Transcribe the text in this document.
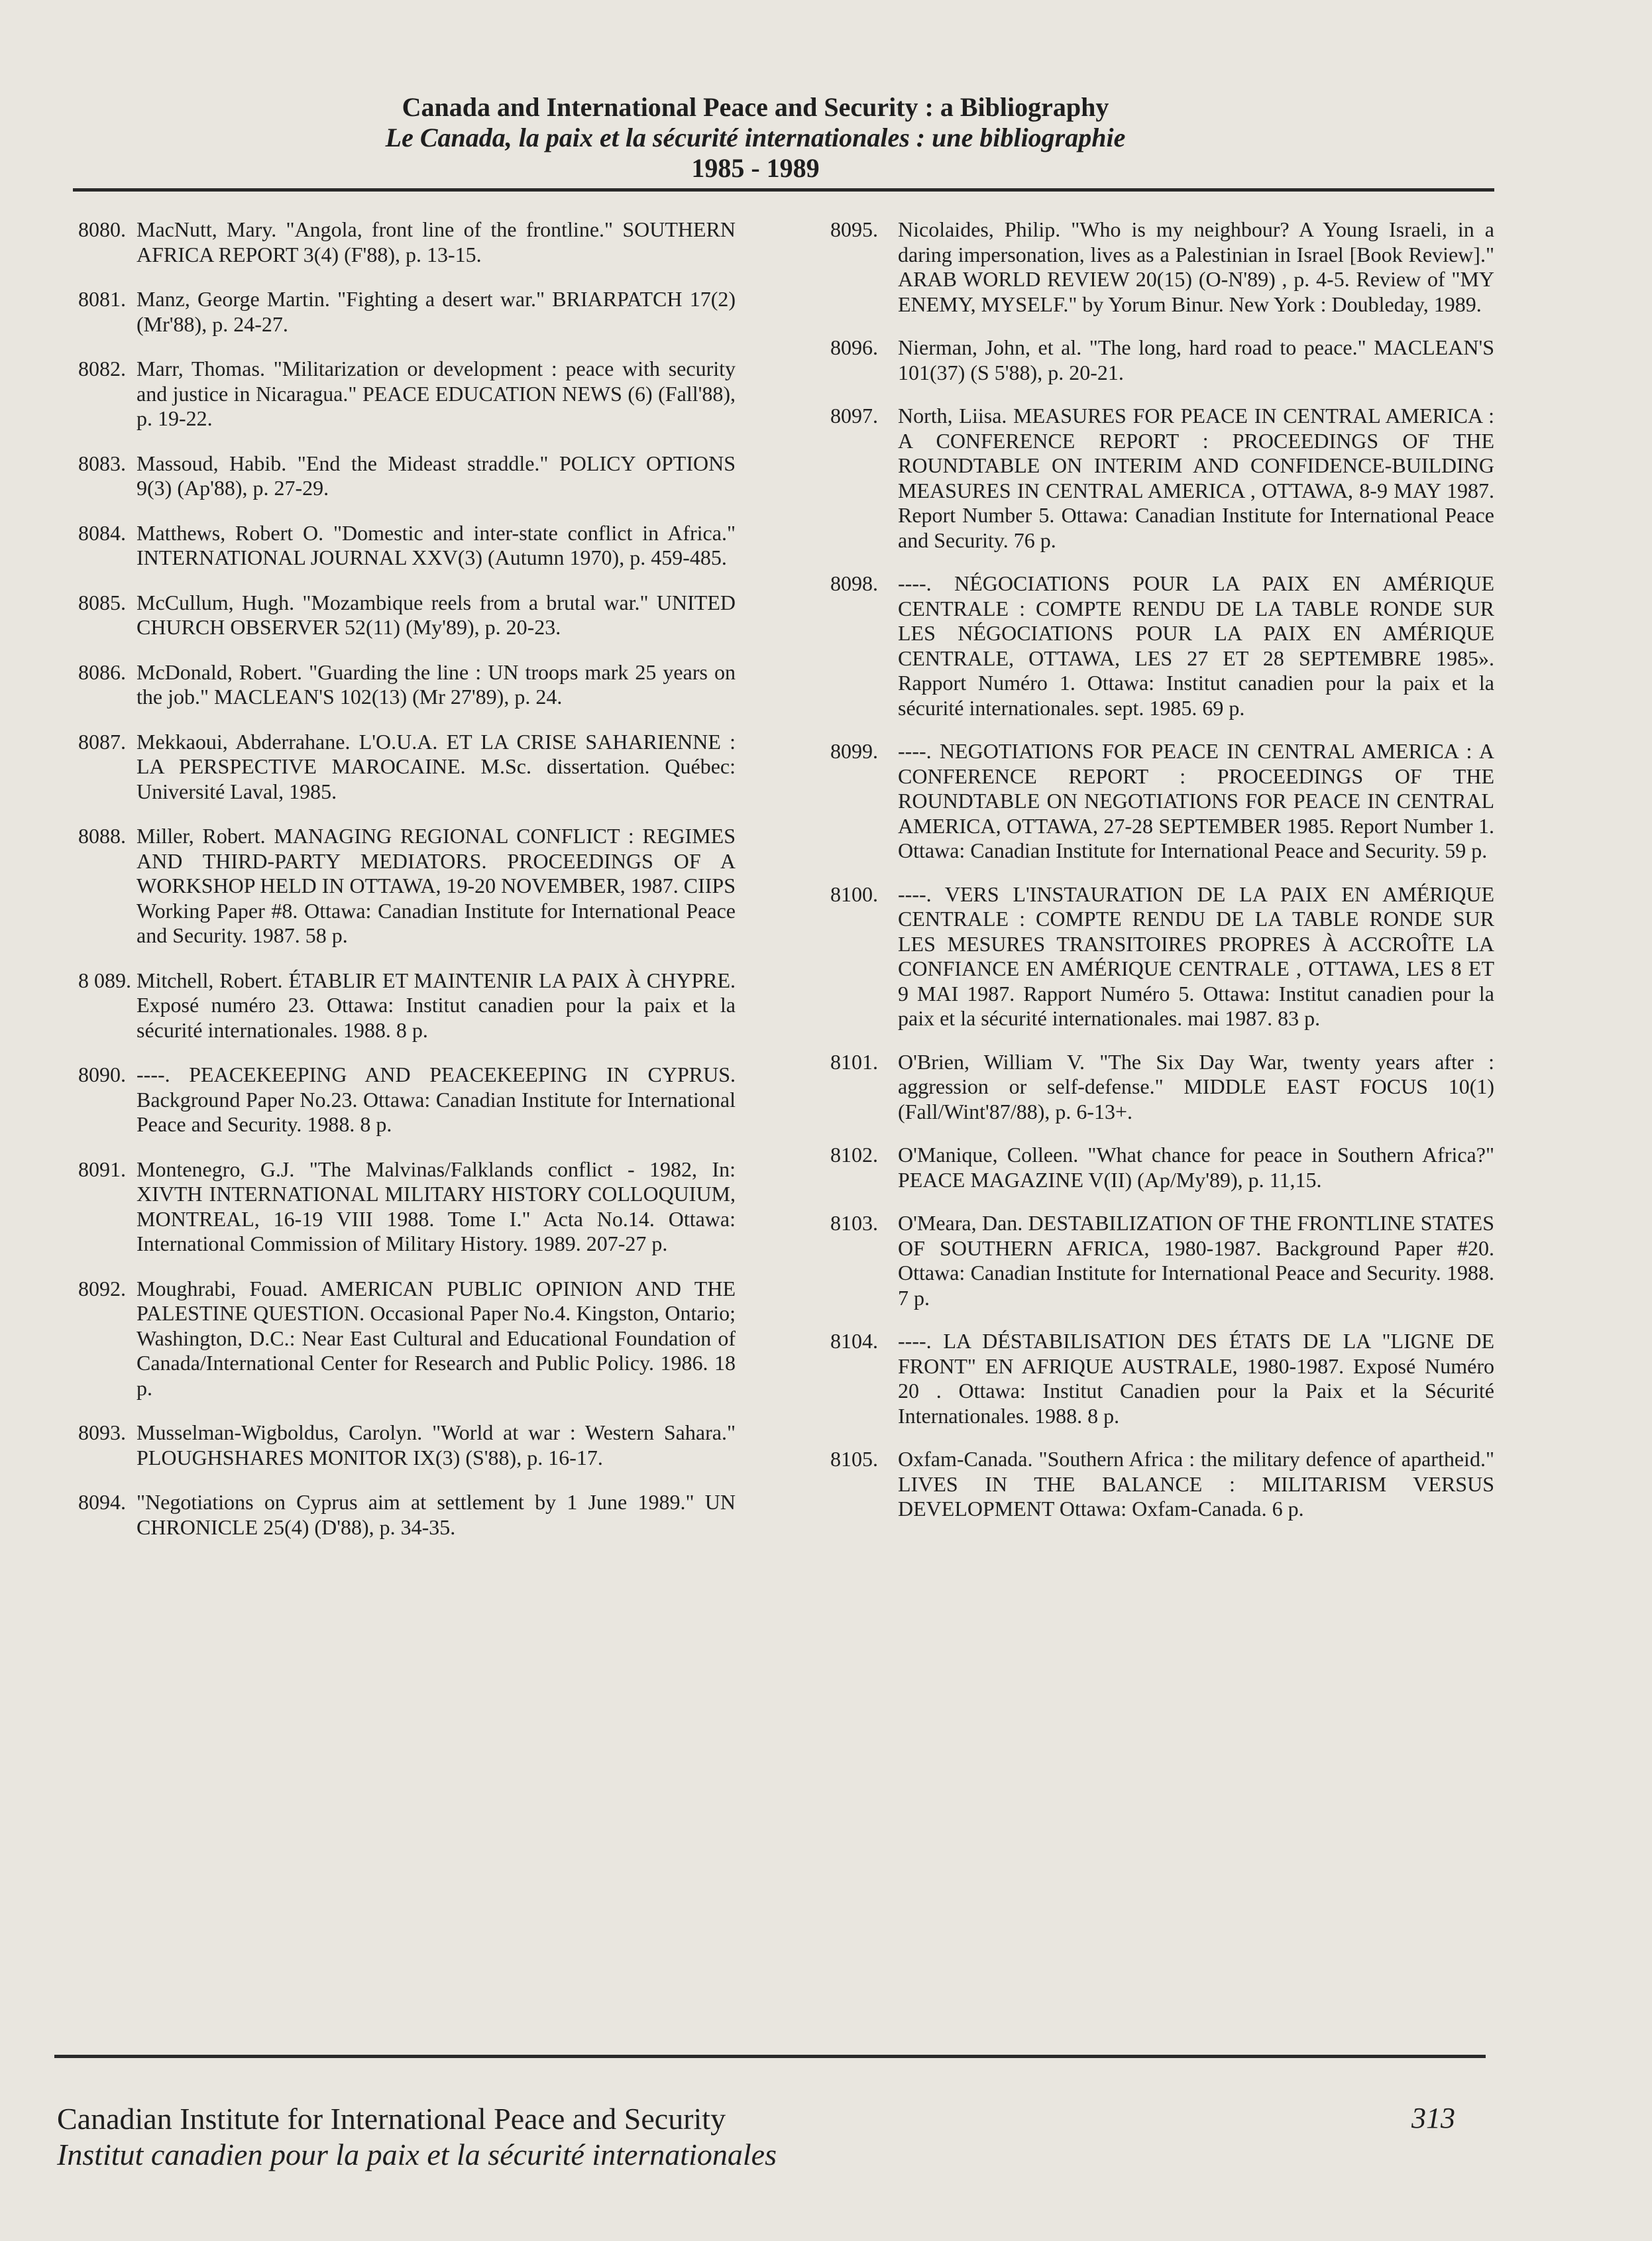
Canada and International Peace and Security : a Bibliography
Le Canada, la paix et la sécurité internationales : une bibliographie
1985 - 1989
8080. MacNutt, Mary. "Angola, front line of the frontline." SOUTHERN AFRICA REPORT 3(4) (F'88), p. 13-15.
8081. Manz, George Martin. "Fighting a desert war." BRIARPATCH 17(2) (Mr'88), p. 24-27.
8082. Marr, Thomas. "Militarization or development : peace with security and justice in Nicaragua." PEACE EDUCATION NEWS (6) (Fall'88), p. 19-22.
8083. Massoud, Habib. "End the Mideast straddle." POLICY OPTIONS 9(3) (Ap'88), p. 27-29.
8084. Matthews, Robert O. "Domestic and inter-state conflict in Africa." INTERNATIONAL JOURNAL XXV(3) (Autumn 1970), p. 459-485.
8085. McCullum, Hugh. "Mozambique reels from a brutal war." UNITED CHURCH OBSERVER 52(11) (My'89), p. 20-23.
8086. McDonald, Robert. "Guarding the line : UN troops mark 25 years on the job." MACLEAN'S 102(13) (Mr 27'89), p. 24.
8087. Mekkaoui, Abderrahane. L'O.U.A. ET LA CRISE SAHARIENNE : LA PERSPECTIVE MAROCAINE. M.Sc. dissertation. Québec: Université Laval, 1985.
8088. Miller, Robert. MANAGING REGIONAL CONFLICT : REGIMES AND THIRD-PARTY MEDIATORS. PROCEEDINGS OF A WORKSHOP HELD IN OTTAWA, 19-20 NOVEMBER, 1987. CIIPS Working Paper #8. Ottawa: Canadian Institute for International Peace and Security. 1987. 58 p.
8 089. Mitchell, Robert. ÉTABLIR ET MAINTENIR LA PAIX À CHYPRE. Exposé numéro 23. Ottawa: Institut canadien pour la paix et la sécurité internationales. 1988. 8 p.
8090. ----. PEACEKEEPING AND PEACEKEEPING IN CYPRUS. Background Paper No.23. Ottawa: Canadian Institute for International Peace and Security. 1988. 8 p.
8091. Montenegro, G.J. "The Malvinas/Falklands conflict - 1982, In: XIVTH INTERNATIONAL MILITARY HISTORY COLLOQUIUM, MONTREAL, 16-19 VIII 1988. Tome I." Acta No.14. Ottawa: International Commission of Military History. 1989. 207-27 p.
8092. Moughrabi, Fouad. AMERICAN PUBLIC OPINION AND THE PALESTINE QUESTION. Occasional Paper No.4. Kingston, Ontario; Washington, D.C.: Near East Cultural and Educational Foundation of Canada/International Center for Research and Public Policy. 1986. 18 p.
8093. Musselman-Wigboldus, Carolyn. "World at war : Western Sahara." PLOUGHSHARES MONITOR IX(3) (S'88), p. 16-17.
8094. "Negotiations on Cyprus aim at settlement by 1 June 1989." UN CHRONICLE 25(4) (D'88), p. 34-35.
8095. Nicolaides, Philip. "Who is my neighbour? A Young Israeli, in a daring impersonation, lives as a Palestinian in Israel [Book Review]." ARAB WORLD REVIEW 20(15) (O-N'89) , p. 4-5. Review of "MY ENEMY, MYSELF." by Yorum Binur. New York : Doubleday, 1989.
8096. Nierman, John, et al. "The long, hard road to peace." MACLEAN'S 101(37) (S 5'88), p. 20-21.
8097. North, Liisa. MEASURES FOR PEACE IN CENTRAL AMERICA : A CONFERENCE REPORT : PROCEEDINGS OF THE ROUNDTABLE ON INTERIM AND CONFIDENCE-BUILDING MEASURES IN CENTRAL AMERICA , OTTAWA, 8-9 MAY 1987. Report Number 5. Ottawa: Canadian Institute for International Peace and Security. 76 p.
8098. ----. NÉGOCIATIONS POUR LA PAIX EN AMÉRIQUE CENTRALE : COMPTE RENDU DE LA TABLE RONDE SUR LES NÉGOCIATIONS POUR LA PAIX EN AMÉRIQUE CENTRALE, OTTAWA, LES 27 ET 28 SEPTEMBRE 1985». Rapport Numéro 1. Ottawa: Institut canadien pour la paix et la sécurité internationales. sept. 1985. 69 p.
8099. ----. NEGOTIATIONS FOR PEACE IN CENTRAL AMERICA : A CONFERENCE REPORT : PROCEEDINGS OF THE ROUNDTABLE ON NEGOTIATIONS FOR PEACE IN CENTRAL AMERICA, OTTAWA, 27-28 SEPTEMBER 1985. Report Number 1. Ottawa: Canadian Institute for International Peace and Security. 59 p.
8100. ----. VERS L'INSTAURATION DE LA PAIX EN AMÉRIQUE CENTRALE : COMPTE RENDU DE LA TABLE RONDE SUR LES MESURES TRANSITOIRES PROPRES À ACCROÎTE LA CONFIANCE EN AMÉRIQUE CENTRALE , OTTAWA, LES 8 ET 9 MAI 1987. Rapport Numéro 5. Ottawa: Institut canadien pour la paix et la sécurité internationales. mai 1987. 83 p.
8101. O'Brien, William V. "The Six Day War, twenty years after : aggression or self-defense." MIDDLE EAST FOCUS 10(1) (Fall/Wint'87/88), p. 6-13+.
8102. O'Manique, Colleen. "What chance for peace in Southern Africa?" PEACE MAGAZINE V(II) (Ap/My'89), p. 11,15.
8103. O'Meara, Dan. DESTABILIZATION OF THE FRONTLINE STATES OF SOUTHERN AFRICA, 1980-1987. Background Paper #20. Ottawa: Canadian Institute for International Peace and Security. 1988. 7 p.
8104. ----. LA DÉSTABILISATION DES ÉTATS DE LA "LIGNE DE FRONT" EN AFRIQUE AUSTRALE, 1980-1987. Exposé Numéro 20 . Ottawa: Institut Canadien pour la Paix et la Sécurité Internationales. 1988. 8 p.
8105. Oxfam-Canada. "Southern Africa : the military defence of apartheid." LIVES IN THE BALANCE : MILITARISM VERSUS DEVELOPMENT Ottawa: Oxfam-Canada. 6 p.
Canadian Institute for International Peace and Security
Institut canadien pour la paix et la sécurité internationales
313
